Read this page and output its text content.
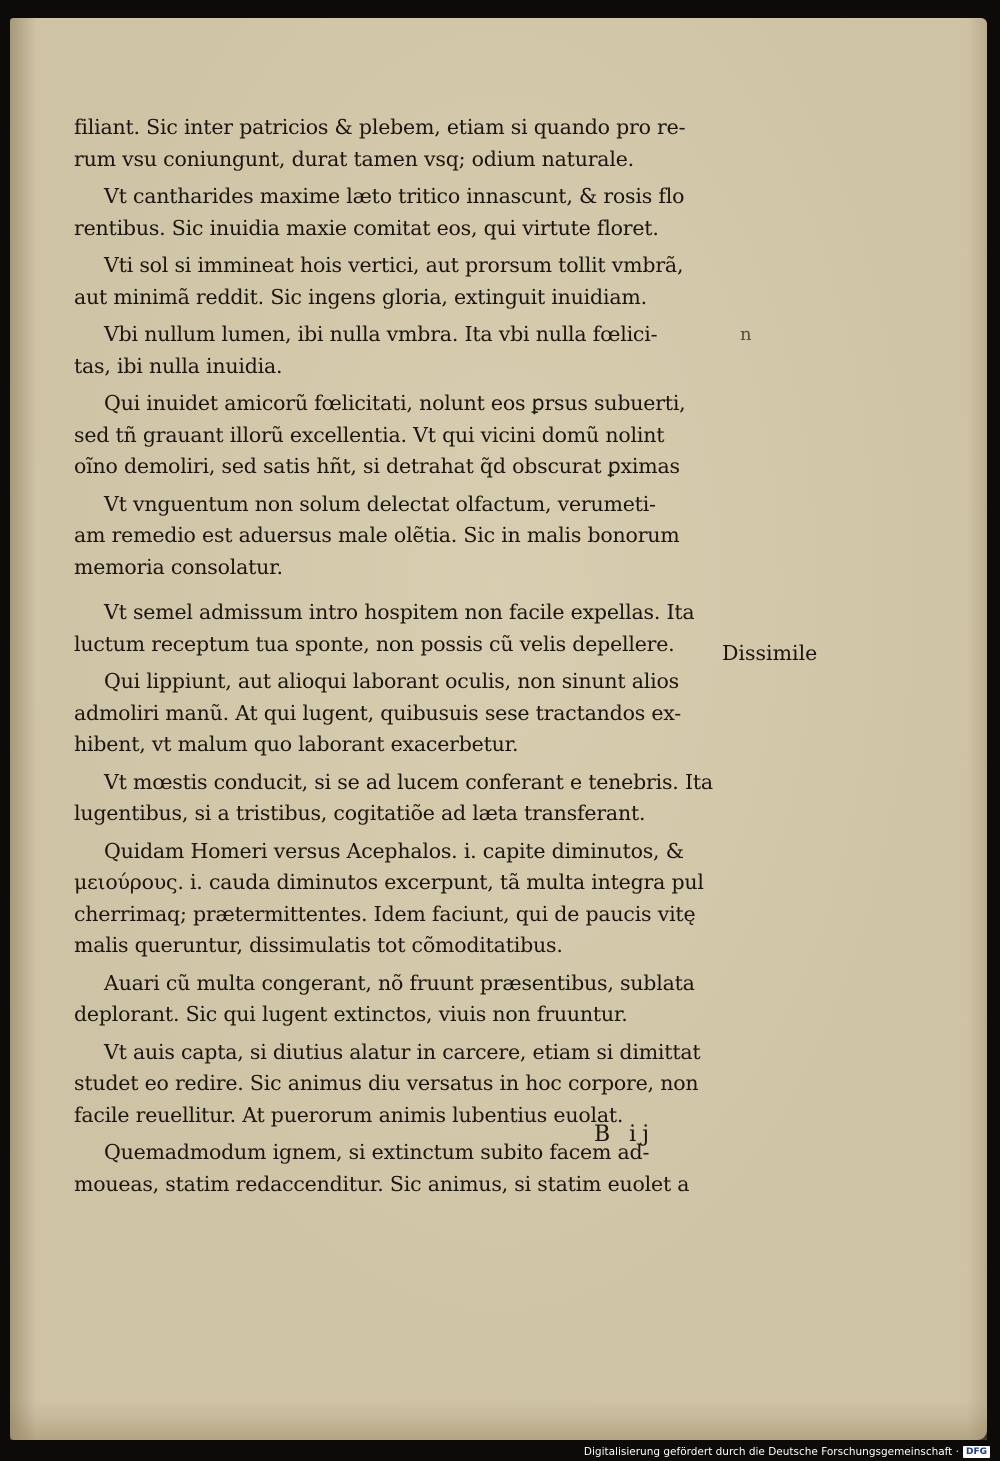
filiant. Sic inter patricios & plebem, etiam si quando pro re-
rum vsu coniungunt, durat tamen vsq; odium naturale.
Vt cantharides maxime læto tritico innascunt, & rosis flo
rentibus. Sic inuidia maxie comitat eos, qui virtute floret.
Vti sol si immineat hois vertici, aut prorsum tollit vmbrã,
aut minimã reddit. Sic ingens gloria, extinguit inuidiam.
Vbi nullum lumen, ibi nulla vmbra. Ita vbi nulla fœlici-
tas, ibi nulla inuidia.
Qui inuidet amicorũ fœlicitati, nolunt eos ꝑrsus subuerti,
sed tñ grauant illorũ excellentia. Vt qui vicini domũ nolint
oĩno demoliri, sed satis hñt, si detrahat q̃d obscurat ꝑximas
Vt vnguentum non solum delectat olfactum, verumeti-
am remedio est aduersus male olẽtia. Sic in malis bonorum
memoria consolatur.
Vt semel admissum intro hospitem non facile expellas. Ita
luctum receptum tua sponte, non possis cũ velis depellere.
Qui lippiunt, aut alioqui laborant oculis, non sinunt alios
admoliri manũ. At qui lugent, quibusuis sese tractandos ex-
hibent, vt malum quo laborant exacerbetur.
Vt mœstis conducit, si se ad lucem conferant e tenebris. Ita
lugentibus, si a tristibus, cogitatiõe ad læta transferant.
Quidam Homeri versus Acephalos. i. capite diminutos, &
μειούρους. i. cauda diminutos excerpunt, tã multa integra pul
cherrimaq; prætermittentes. Idem faciunt, qui de paucis vitę
malis queruntur, dissimulatis tot cõmoditatibus.
Auari cũ multa congerant, nõ fruunt præsentibus, sublata
deplorant. Sic qui lugent extinctos, viuis non fruuntur.
Vt auis capta, si diutius alatur in carcere, etiam si dimittat
studet eo redire. Sic animus diu versatus in hoc corpore, non
facile reuellitur. At puerorum animis lubentius euolat.
Quemadmodum ignem, si extinctum subito facem ad-
moueas, statim redaccenditur. Sic animus, si statim euolet a
n
Dissimile
B ij
Digitalisierung gefördert durch die Deutsche Forschungsgemeinschaft · DFG
